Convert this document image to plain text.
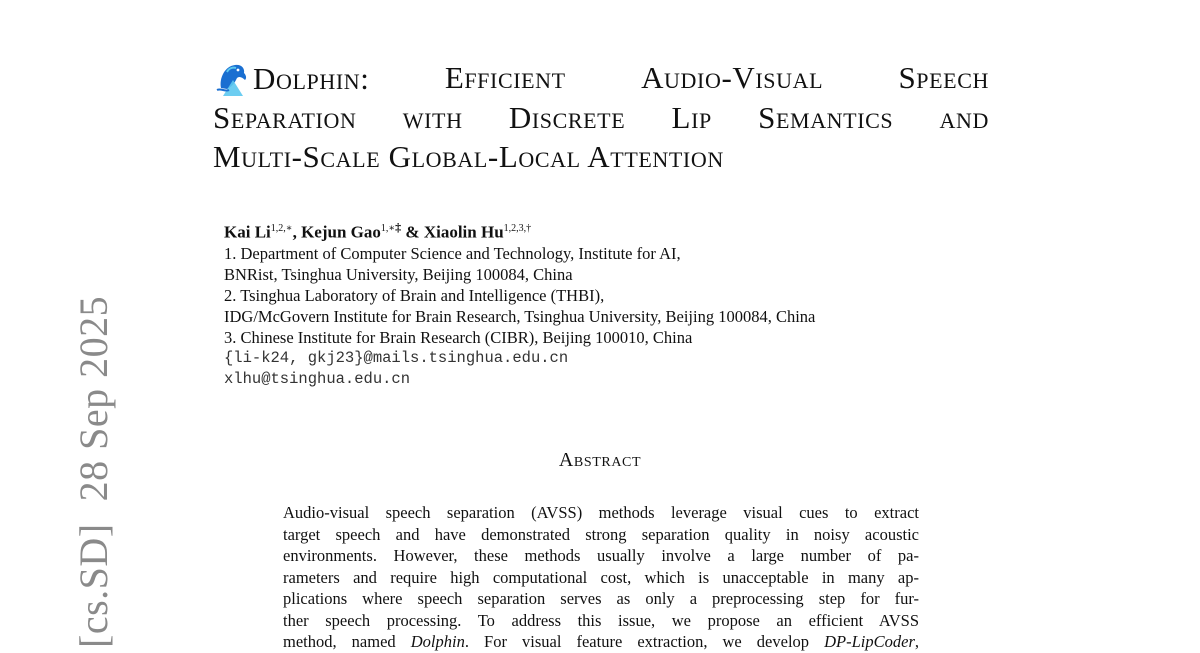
[cs.SD]28 Sep 2025
Dolphin: Efficient Audio-Visual Speech
Separation with Discrete Lip Semantics and
Multi-Scale Global-Local Attention
Kai $Li^{1,2,∗}$, Kejun Gao$^{1,∗\ddagger}$ & Xiaolin $Hu^{1,2,3,\dagger}$
1. Department of Computer Science and Technology, Institute for AI,
BNRist, Tsinghua University, Beijing 100084, China
2. Tsinghua Laboratory of Brain and Intelligence (THBI),
IDG/McGovern Institute for Brain Research, Tsinghua University, Beijing 100084, China
3. Chinese Institute for Brain Research (CIBR), Beijing 100010, China
{li-k24, gkj23}@mails.tsinghua.edu.cn
xlhu@tsinghua.edu.cn
Abstract
Audio-visual speech separation (AVSS) methods leverage visual cues to extract
target speech and have demonstrated strong separation quality in noisy acoustic
environments. However, these methods usually involve a large number of pa-
rameters and require high computational cost, which is unacceptable in many ap-
plications where speech separation serves as only a preprocessing step for fur-
ther speech processing. To address this issue, we propose an efficient AVSS
method, named Dolphin. For visual feature extraction, we develop DP-LipCoder,
